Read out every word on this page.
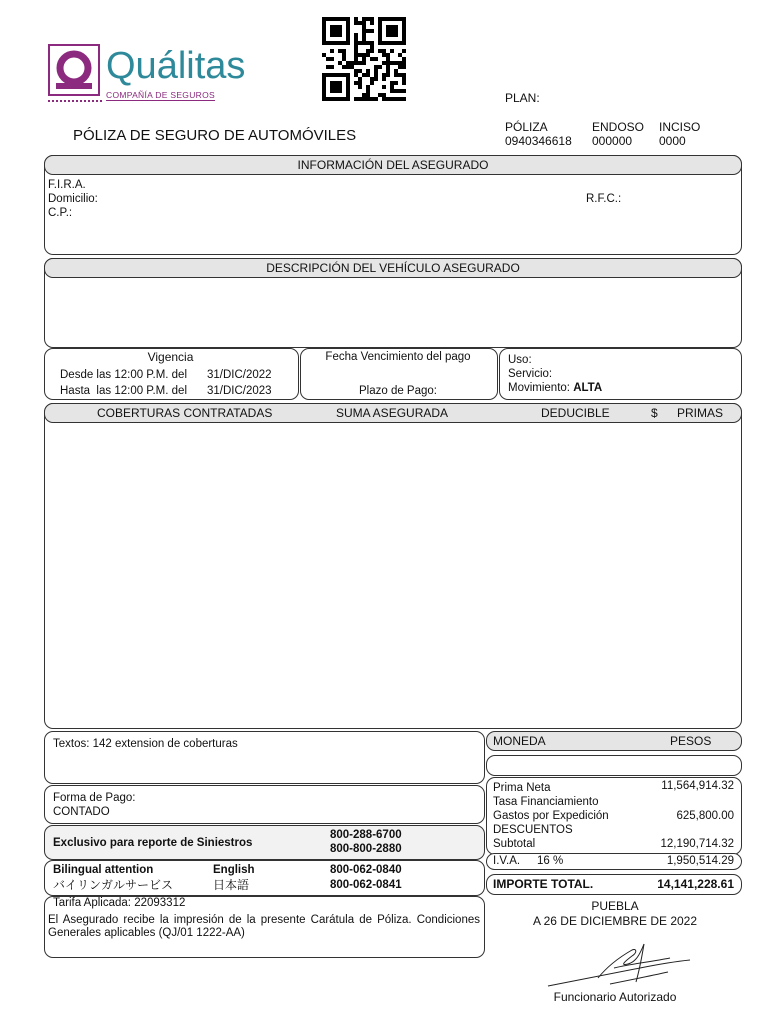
Quálitas
COMPAÑÍA DE SEGUROS
PÓLIZA DE SEGURO DE AUTOMÓVILES
PLAN:
PÓLIZA
0940346618
ENDOSO
000000
INCISO
0000
INFORMACIÓN DEL ASEGURADO
F.I.R.A.
Domicilio:
C.P.:
R.F.C.:
DESCRIPCIÓN DEL VEHÍCULO ASEGURADO
Vigencia
Desde las 12:00 P.M. del 31/DIC/2022
Hasta  las 12:00 P.M. del 31/DIC/2023
Fecha Vencimiento del pago
Plazo de Pago:
Uso:
Servicio:
Movimiento: ALTA
COBERTURAS CONTRATADAS	SUMA ASEGURADA	DEDUCIBLE	$ PRIMAS
Textos: 142 extension de coberturas	MONEDA	PESOS
Forma de Pago:
CONTADO
Exclusivo para reporte de Siniestros
800-288-6700
800-800-2880
Bilingual attention	English	800-062-0840
バイリンガルサービス	日本語	800-062-0841
Prima Neta	11,564,914.32
Tasa Financiamiento
Gastos por Expedición	625,800.00
DESCUENTOS
Subtotal	12,190,714.32
I.V.A. 16 %	1,950,514.29
IMPORTE TOTAL.	14,141,228.61
Tarifa Aplicada: 22093312
El Asegurado recibe la impresión de la presente Carátula de Póliza. Condiciones Generales aplicables (QJ/01 1222-AA)
PUEBLA
A 26 DE DICIEMBRE DE 2022
Funcionario Autorizado
